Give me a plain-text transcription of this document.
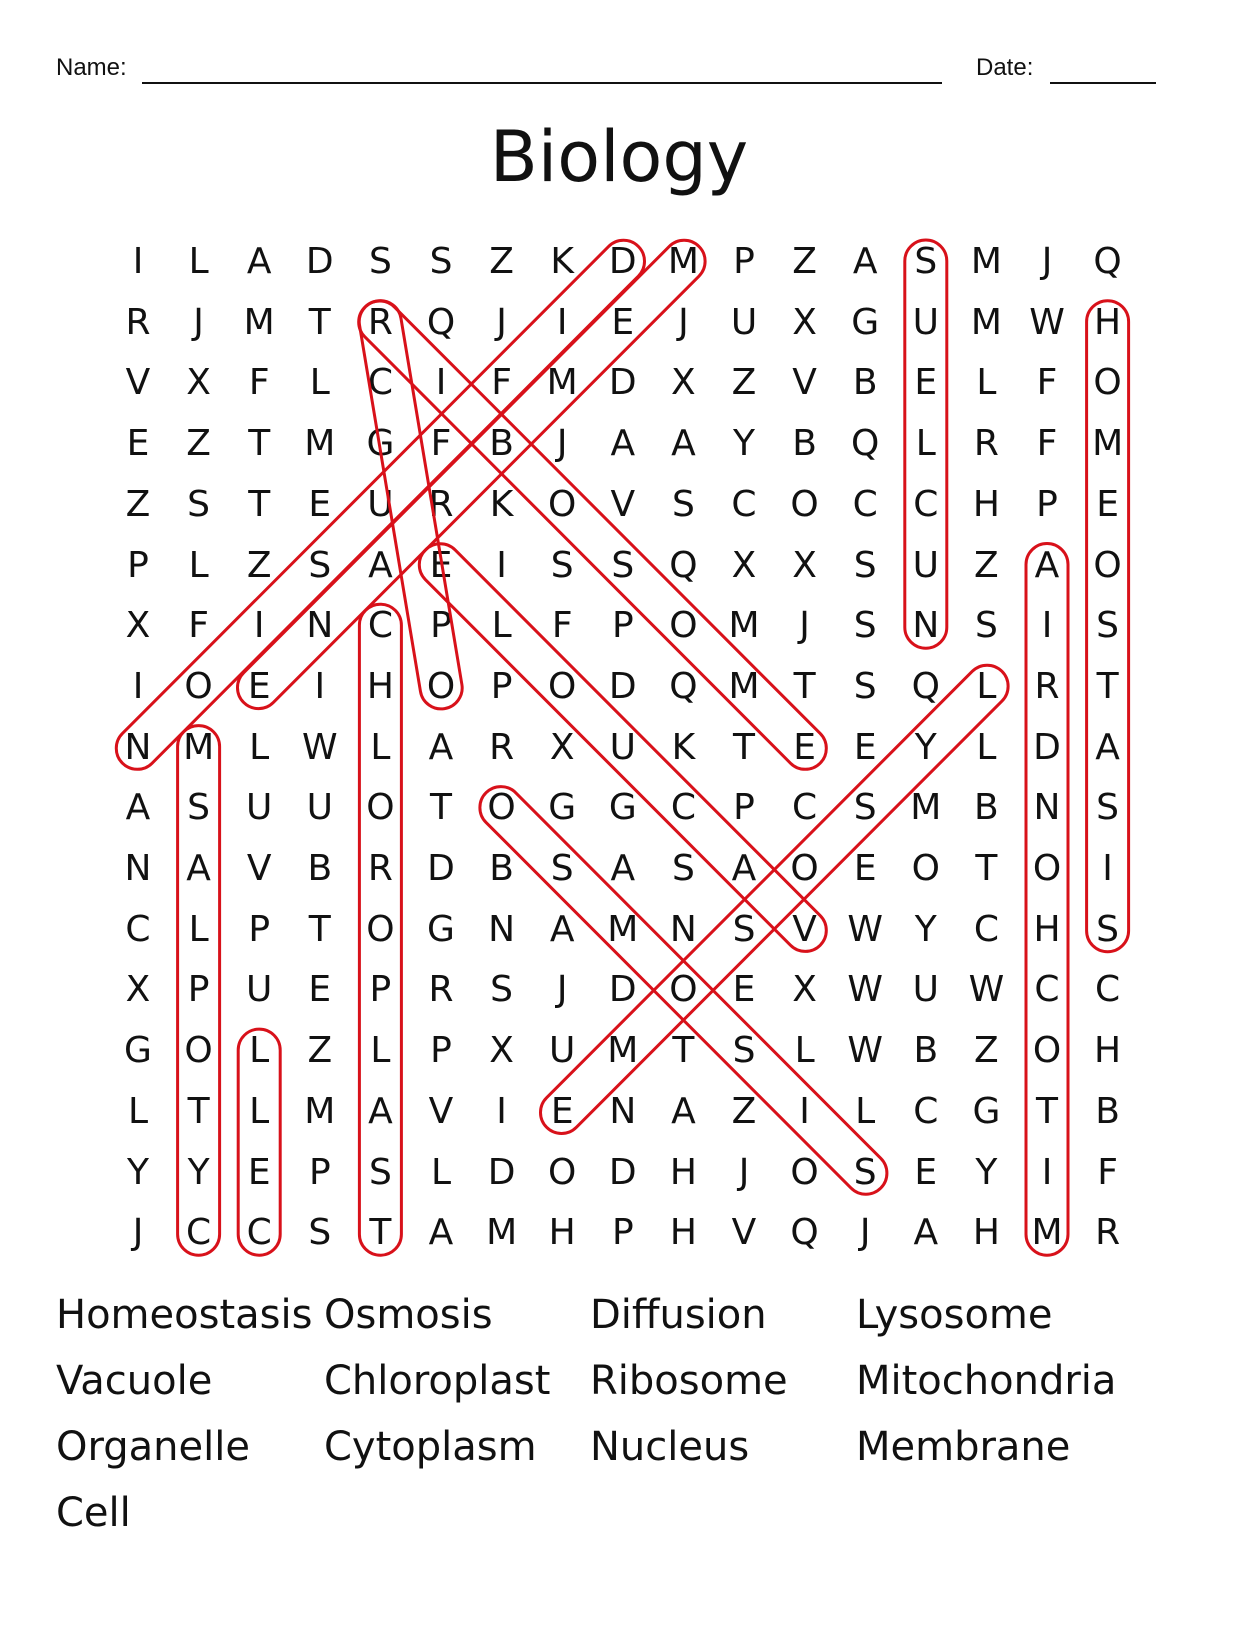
Name:	Date:
Biology
I	L	A D S	S	Z	K D M P	Z A	S M	J	Q
R	J	M T	R Q	J	I	E	J	U X G U M W H
V X	F	L	C	I	F M D X Z V B	E	L	F	O
E	Z	T M G	F	B	J	A A	Y	B Q	L	R	F M
Z	S	T	E	U R	K O V	S	C O C C H	P	E
P	L	Z	S	A	E	I	S	S Q X X	S	U Z A O
X	F	I	N C	P	L	F	P O M	J	S N S	I	S
I	O E	I	H O P O D Q M T	S Q	L	R	T
N M L W L	A R X U K	T	E	E	Y	L	D A
A	S U U O T O G G C	P	C	S M B N S
N A V B R D B	S	A	S	A O E O T O	I
C	L	P	T O G N A M N S	V W Y	C H S
X	P	U	E	P	R	S	J	D O E	X W U W C C
G O	L	Z	L	P	X U M T	S	L W B Z O H
L	T	L M A V	I	E N A Z	I	L	C G T	B
Y	Y	E	P	S	L	D O D H	J	O S	E	Y	I	F
J	C C	S	T	A M H	P	H V Q	J	A H M R
Homeostasis Osmosis Diffusion Lysosome
Vacuole	Chloroplast Ribosome Mitochondria
Organelle Cytoplasm Nucleus	Membrane
Cell
